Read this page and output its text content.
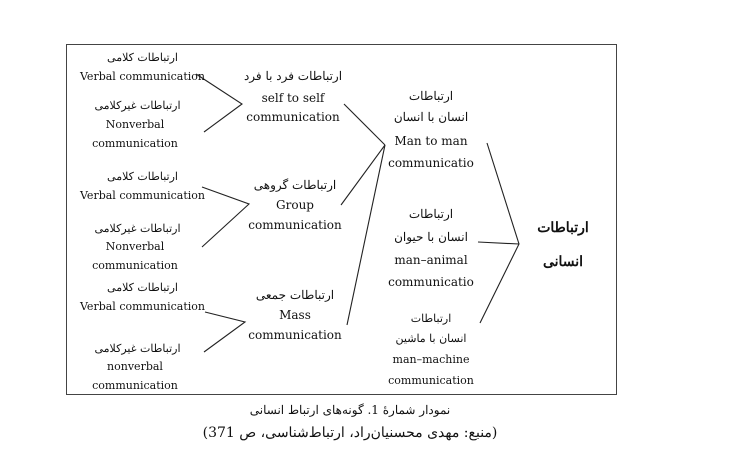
ارتباطات کلامی
Verbal communication
ارتباطات غیرکلامی
Nonverbal
communication
ارتباطات کلامی
Verbal communication
ارتباطات غیرکلامی
Nonverbal
communication
ارتباطات کلامی
Verbal communication
ارتباطات غیرکلامی
nonverbal
communication
ارتباطات فرد با فرد
self to self
communication
ارتباطات گروهی
Group
communication
ارتباطات جمعی
Mass
communication
ارتباطات
انسان با انسان
Man to man
communicatio
ارتباطات
انسان با حیوان
man–animal
communicatio
ارتباطات
انسان با ماشین
man–machine
communication
ارتباطات
انسانی
نمودار شمارۀ 1. گونه‌های ارتباط انسانی
(منبع: مهدی محسنیان‌راد، ارتباط‌شناسی، ص 371)
